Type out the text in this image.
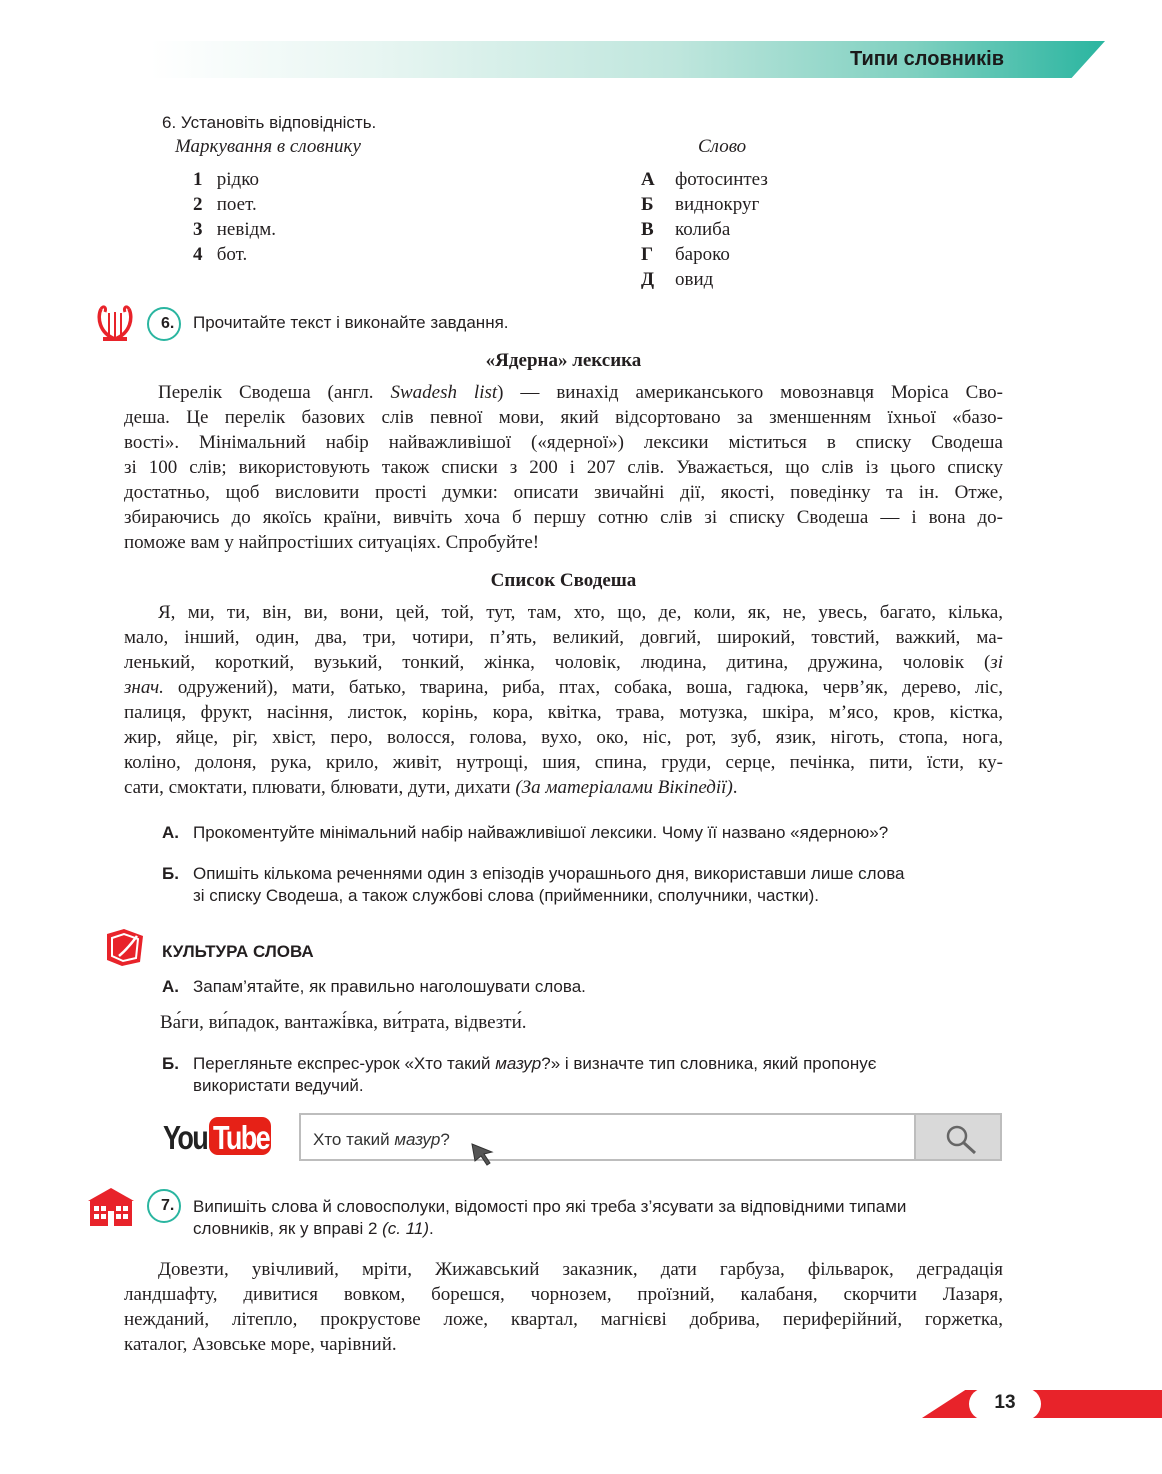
Типи словників
6. Установіть відповідність.
Маркування в словнику	Слово
1 рідко
2 поет.
3 невідм.
4 бот.
А фотосинтез
Б виднокруг
В колиба
Г бароко
Д овид
6. Прочитайте текст і виконайте завдання.
«Ядерна» лексика
Перелік Сводеша (англ. Swadesh list) — винахід американського мовознавця Моріса Сво-
деша. Це перелік базових слів певної мови, який відсортовано за зменшенням їхньої «базо-
вості». Мінімальний набір найважливішої («ядерної») лексики міститься в списку Сводеша
зі 100 слів; використовують також списки з 200 і 207 слів. Уважається, що слів із цього списку
достатньо, щоб висловити прості думки: описати звичайні дії, якості, поведінку та ін. Отже,
збираючись до якоїсь країни, вивчіть хоча б першу сотню слів зі списку Сводеша — і вона до-
поможе вам у найпростіших ситуаціях. Спробуйте!
Список Сводеша
Я, ми, ти, він, ви, вони, цей, той, тут, там, хто, що, де, коли, як, не, увесь, багато, кілька,
мало, інший, один, два, три, чотири, п’ять, великий, довгий, широкий, товстий, важкий, ма-
ленький, короткий, вузький, тонкий, жінка, чоловік, людина, дитина, дружина, чоловік (зі
знач. одружений), мати, батько, тварина, риба, птах, собака, воша, гадюка, черв’як, дерево, ліс,
палиця, фрукт, насіння, листок, корінь, кора, квітка, трава, мотузка, шкіра, м’ясо, кров, кістка,
жир, яйце, ріг, хвіст, перо, волосся, голова, вухо, око, ніс, рот, зуб, язик, ніготь, стопа, нога,
коліно, долоня, рука, крило, живіт, нутрощі, шия, спина, груди, серце, печінка, пити, їсти, ку-
сати, смоктати, плювати, блювати, дути, дихати (За матеріалами Вікіпедії).
А. Прокоментуйте мінімальний набір найважливішої лексики. Чому її названо «ядерною»?
Б. Опишіть кількома реченнями один з епізодів учорашнього дня, використавши лише слова
зі списку Сводеша, а також службові слова (прийменники, сполучники, частки).
КУЛЬТУРА СЛОВА
А. Запам’ятайте, як правильно наголошувати слова.
Ва́ги, ви́падок, вантажі́вка, ви́трата, відвезти́.
Б. Перегляньте експрес-урок «Хто такий мазур?» і визначте тип словника, який пропонує
використати ведучий.
You Tube	Хто такий мазур?
7. Випишіть слова й словосполуки, відомості про які треба з’ясувати за відповідними типами
словників, як у вправі 2 (с. 11).
Довезти, увічливий, мріти, Жижавський заказник, дати гарбуза, фільварок, деградація
ландшафту, дивитися вовком, борешся, чорнозем, проїзний, калабаня, скорчити Лазаря,
нежданий, літепло, прокрустове ложе, квартал, магнієві добрива, периферійний, горжетка,
каталог, Азовське море, чарівний.
13
